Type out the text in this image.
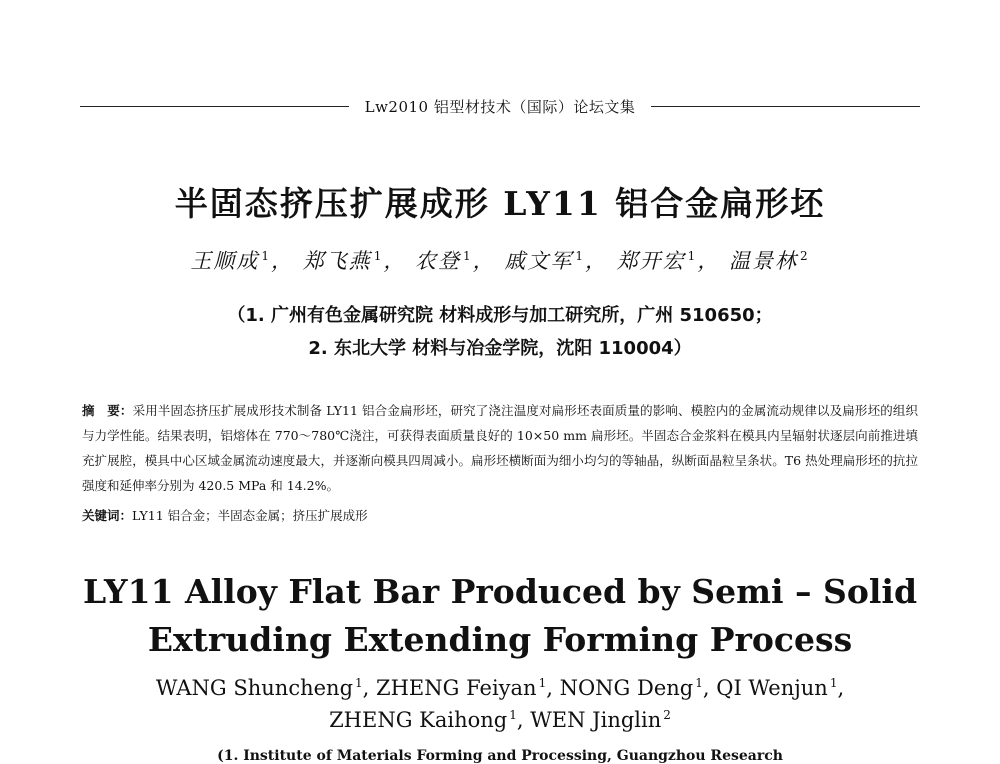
Lw2010 铝型材技术（国际）论坛文集
半固态挤压扩展成形 LY11 铝合金扁形坯
王顺成 $^1$， 郑飞燕 $^1$， 农登 $^1$， 戚文军 $^1$， 郑开宏 $^1$， 温景林 $^2$
（1. 广州有色金属研究院 材料成形与加工研究所，广州 510650；
2. 东北大学 材料与冶金学院，沈阳 110004）
摘　要：采用半固态挤压扩展成形技术制备 LY11 铝合金扁形坯，研究了浇注温度对扁形坯表面质量的影响、模腔内的金属流动规律以及扁形坯的组织与力学性能。结果表明，铝熔体在 770～780℃浇注，可获得表面质量良好的 10×50 mm 扁形坯。半固态合金浆料在模具内呈辐射状逐层向前推进填充扩展腔，模具中心区域金属流动速度最大，并逐渐向模具四周减小。扁形坯横断面为细小均匀的等轴晶，纵断面晶粒呈条状。T6 热处理扁形坯的抗拉强度和延伸率分别为 420.5 MPa 和 14.2%。
关键词：LY11 铝合金；半固态金属；挤压扩展成形
LY11 Alloy Flat Bar Produced by Semi – Solid
Extruding Extending Forming Process
WANG Shuncheng $^1$, ZHENG Feiyan $^1$, NONG Deng $^1$, QI Wenjun $^1$,
ZHENG Kaihong $^1$, WEN Jinglin $^2$
(1. Institute of Materials Forming and Processing, Guangzhou Research
